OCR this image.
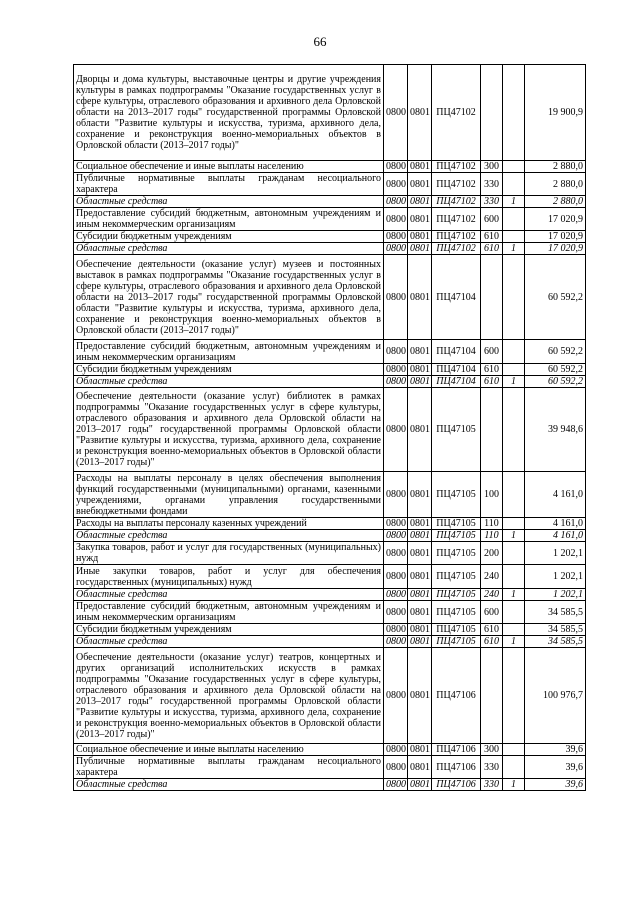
66
Дворцы и дома культуры, выставочные центры и другие учреждения культуры в рамках подпрограммы "Оказание государственных услуг в сфере культуры, отраслевого образования и архивного дела Орловской области на 2013–2017 годы" государственной программы Орловской области "Развитие культуры и искусства, туризма, архивного дела, сохранение и реконструкция военно-мемориальных объектов в Орловской области (2013–2017 годы)"	0800	0801	ПЦ47102			19 900,9
Социальное обеспечение и иные выплаты населению	0800	0801	ПЦ47102	300		2 880,0
Публичные нормативные выплаты гражданам несоциального характера	0800	0801	ПЦ47102	330		2 880,0
Областные средства	0800	0801	ПЦ47102	330	1	2 880,0
Предоставление субсидий бюджетным, автономным учреждениям и иным некоммерческим организациям	0800	0801	ПЦ47102	600		17 020,9
Субсидии бюджетным учреждениям	0800	0801	ПЦ47102	610		17 020,9
Областные средства	0800	0801	ПЦ47102	610	1	17 020,9
Обеспечение деятельности (оказание услуг) музеев и постоянных выставок в рамках подпрограммы "Оказание государственных услуг в сфере культуры, отраслевого образования и архивного дела Орловской области на 2013–2017 годы" государственной программы Орловской области "Развитие культуры и искусства, туризма, архивного дела, сохранение и реконструкция военно-мемориальных объектов в Орловской области (2013–2017 годы)"	0800	0801	ПЦ47104			60 592,2
Предоставление субсидий бюджетным, автономным учреждениям и иным некоммерческим организациям	0800	0801	ПЦ47104	600		60 592,2
Субсидии бюджетным учреждениям	0800	0801	ПЦ47104	610		60 592,2
Областные средства	0800	0801	ПЦ47104	610	1	60 592,2
Обеспечение деятельности (оказание услуг) библиотек в рамках подпрограммы "Оказание государственных услуг в сфере культуры, отраслевого образования и архивного дела Орловской области на 2013–2017 годы" государственной программы Орловской области "Развитие культуры и искусства, туризма, архивного дела, сохранение и реконструкция военно-мемориальных объектов в Орловской области (2013–2017 годы)"	0800	0801	ПЦ47105			39 948,6
Расходы на выплаты персоналу в целях обеспечения выполнения функций государственными (муниципальными) органами, казенными учреждениями, органами управления государственными внебюджетными фондами	0800	0801	ПЦ47105	100		4 161,0
Расходы на выплаты персоналу казенных учреждений	0800	0801	ПЦ47105	110		4 161,0
Областные средства	0800	0801	ПЦ47105	110	1	4 161,0
Закупка товаров, работ и услуг для государственных (муниципальных) нужд	0800	0801	ПЦ47105	200		1 202,1
Иные закупки товаров, работ и услуг для обеспечения государственных (муниципальных) нужд	0800	0801	ПЦ47105	240		1 202,1
Областные средства	0800	0801	ПЦ47105	240	1	1 202,1
Предоставление субсидий бюджетным, автономным учреждениям и иным некоммерческим организациям	0800	0801	ПЦ47105	600		34 585,5
Субсидии бюджетным учреждениям	0800	0801	ПЦ47105	610		34 585,5
Областные средства	0800	0801	ПЦ47105	610	1	34 585,5
Обеспечение деятельности (оказание услуг) театров, концертных и других организаций исполнительских искусств в рамках подпрограммы "Оказание государственных услуг в сфере культуры, отраслевого образования и архивного дела Орловской области на 2013–2017 годы" государственной программы Орловской области "Развитие культуры и искусства, туризма, архивного дела, сохранение и реконструкция военно-мемориальных объектов в Орловской области (2013–2017 годы)"	0800	0801	ПЦ47106			100 976,7
Социальное обеспечение и иные выплаты населению	0800	0801	ПЦ47106	300		39,6
Публичные нормативные выплаты гражданам несоциального характера	0800	0801	ПЦ47106	330		39,6
Областные средства	0800	0801	ПЦ47106	330	1	39,6
